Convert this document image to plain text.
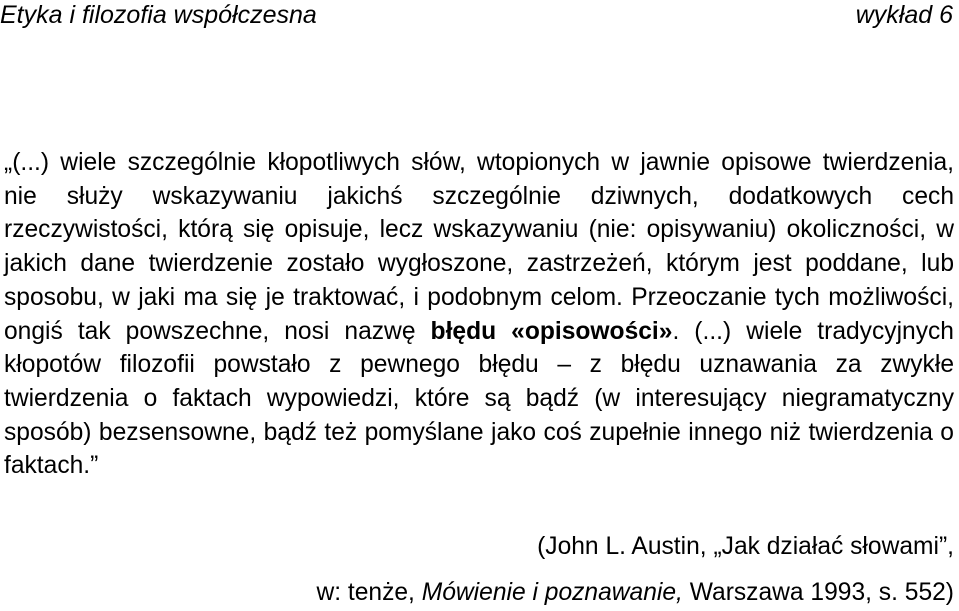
Etyka i filozofia współczesna	wykład 6
„(...) wiele szczególnie kłopotliwych słów, wtopionych w jawnie opisowe twierdzenia, nie służy wskazywaniu jakichś szczególnie dziwnych, dodatkowych cech rzeczywistości, którą się opisuje, lecz wskazywaniu (nie: opisywaniu) okoliczności, w jakich dane twierdzenie zostało wygłoszone, zastrzeżeń, którym jest poddane, lub sposobu, w jaki ma się je traktować, i podobnym celom. Przeoczanie tych możliwości, ongiś tak powszechne, nosi nazwę błędu «opisowości». (...) wiele tradycyjnych kłopotów filozofii powstało z pewnego błędu – z błędu uznawania za zwykłe twierdzenia o faktach wypowiedzi, które są bądź (w interesujący niegramatyczny sposób) bezsensowne, bądź też pomyślane jako coś zupełnie innego niż twierdzenia o faktach.”
(John L. Austin, „Jak działać słowami”,
w: tenże, Mówienie i poznawanie, Warszawa 1993, s. 552)
